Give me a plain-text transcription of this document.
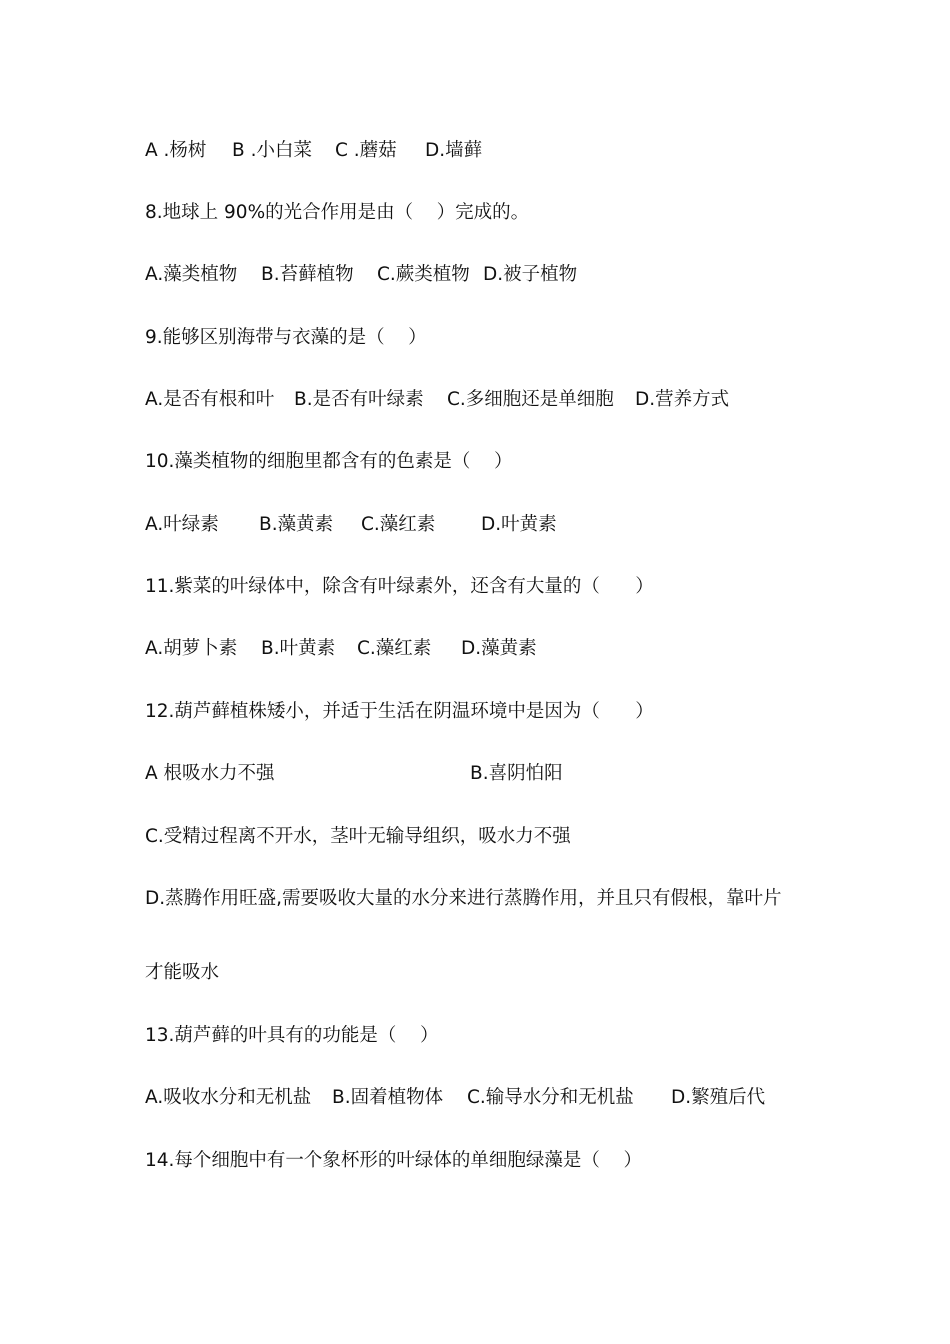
A .杨树

B .小白菜

C .蘑菇

D.墙藓

8.地球上 90%的光合作用是由（    ）完成的。

A.藻类植物

B.苔藓植物

C.蕨类植物

D.被子植物

9.能够区别海带与衣藻的是（    ）

A.是否有根和叶

B.是否有叶绿素

C.多细胞还是单细胞

D.营养方式

10.藻类植物的细胞里都含有的色素是（    ）

A.叶绿素

B.藻黄素

C.藻红素

D.叶黄素

11.紫菜的叶绿体中，除含有叶绿素外，还含有大量的（      ）

A.胡萝卜素

B.叶黄素

C.藻红素

D.藻黄素

12.葫芦藓植株矮小，并适于生活在阴温环境中是因为（      ）

A 根吸水力不强

	B.喜阴怕阳

C.受精过程离不开水，茎叶无输导组织，吸水力不强
D.蒸腾作用旺盛,需要吸收大量的水分来进行蒸腾作用，并且只有假根，靠叶片
才能吸水
13.葫芦藓的叶具有的功能是（    ）

A.吸收水分和无机盐

B.固着植物体

C.输导水分和无机盐

D.繁殖后代

14.每个细胞中有一个象杯形的叶绿体的单细胞绿藻是（    ）
